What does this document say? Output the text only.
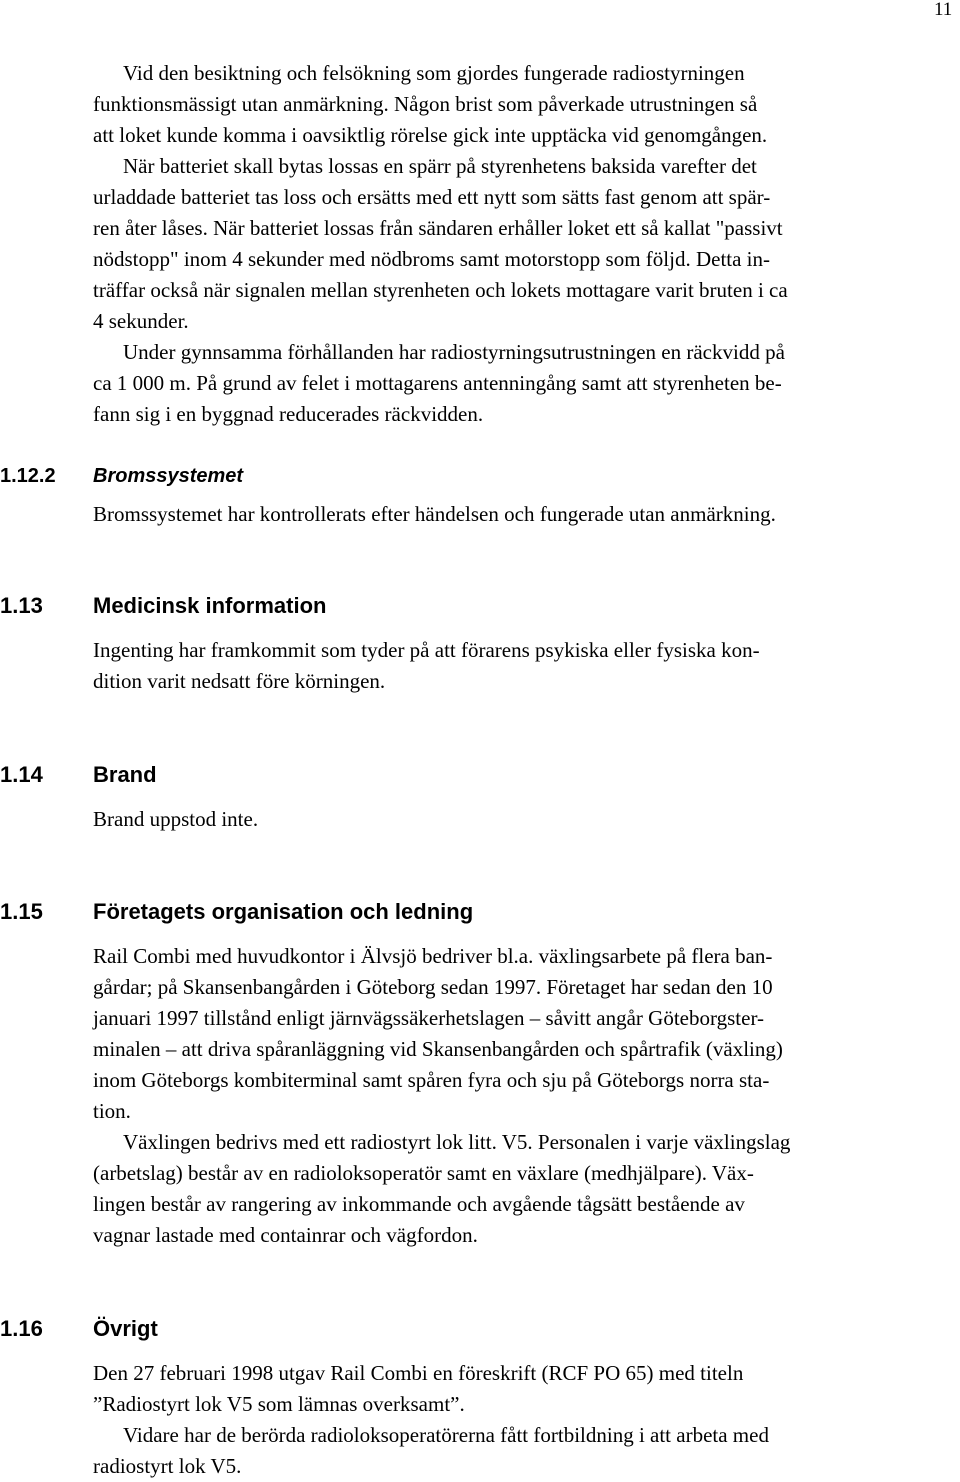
11
Vid den besiktning och felsökning som gjordes fungerade radiostyrningen
funktionsmässigt utan anmärkning. Någon brist som påverkade utrustningen så
att loket kunde komma i oavsiktlig rörelse gick inte upptäcka vid genomgången.
När batteriet skall bytas lossas en spärr på styrenhetens baksida varefter det
urladdade batteriet tas loss och ersätts med ett nytt som sätts fast genom att spär-
ren åter låses. När batteriet lossas från sändaren erhåller loket ett så kallat "passivt
nödstopp" inom 4 sekunder med nödbroms samt motorstopp som följd. Detta in-
träffar också när signalen mellan styrenheten och lokets mottagare varit bruten i ca
4 sekunder.
Under gynnsamma förhållanden har radiostyrningsutrustningen en räckvidd på
ca 1 000 m. På grund av felet i mottagarens antenningång samt att styrenheten be-
fann sig i en byggnad reducerades räckvidden.
1.12.2 Bromssystemet
Bromssystemet har kontrollerats efter händelsen och fungerade utan anmärkning.
1.13 Medicinsk information
Ingenting har framkommit som tyder på att förarens psykiska eller fysiska kon-
dition varit nedsatt före körningen.
1.14 Brand
Brand uppstod inte.
1.15 Företagets organisation och ledning
Rail Combi med huvudkontor i Älvsjö bedriver bl.a. växlingsarbete på flera ban-
gårdar; på Skansenbangården i Göteborg sedan 1997. Företaget har sedan den 10
januari 1997 tillstånd enligt järnvägssäkerhetslagen – såvitt angår Göteborgster-
minalen – att driva spåranläggning vid Skansenbangården och spårtrafik (växling)
inom Göteborgs kombiterminal samt spåren fyra och sju på Göteborgs norra sta-
tion.
Växlingen bedrivs med ett radiostyrt lok litt. V5. Personalen i varje växlingslag
(arbetslag) består av en radioloksoperatör samt en växlare (medhjälpare). Väx-
lingen består av rangering av inkommande och avgående tågsätt bestående av
vagnar lastade med containrar och vägfordon.
1.16 Övrigt
Den 27 februari 1998 utgav Rail Combi en föreskrift (RCF PO 65) med titeln
”Radiostyrt lok V5 som lämnas overksamt”.
Vidare har de berörda radioloksoperatörerna fått fortbildning i att arbeta med
radiostyrt lok V5.
